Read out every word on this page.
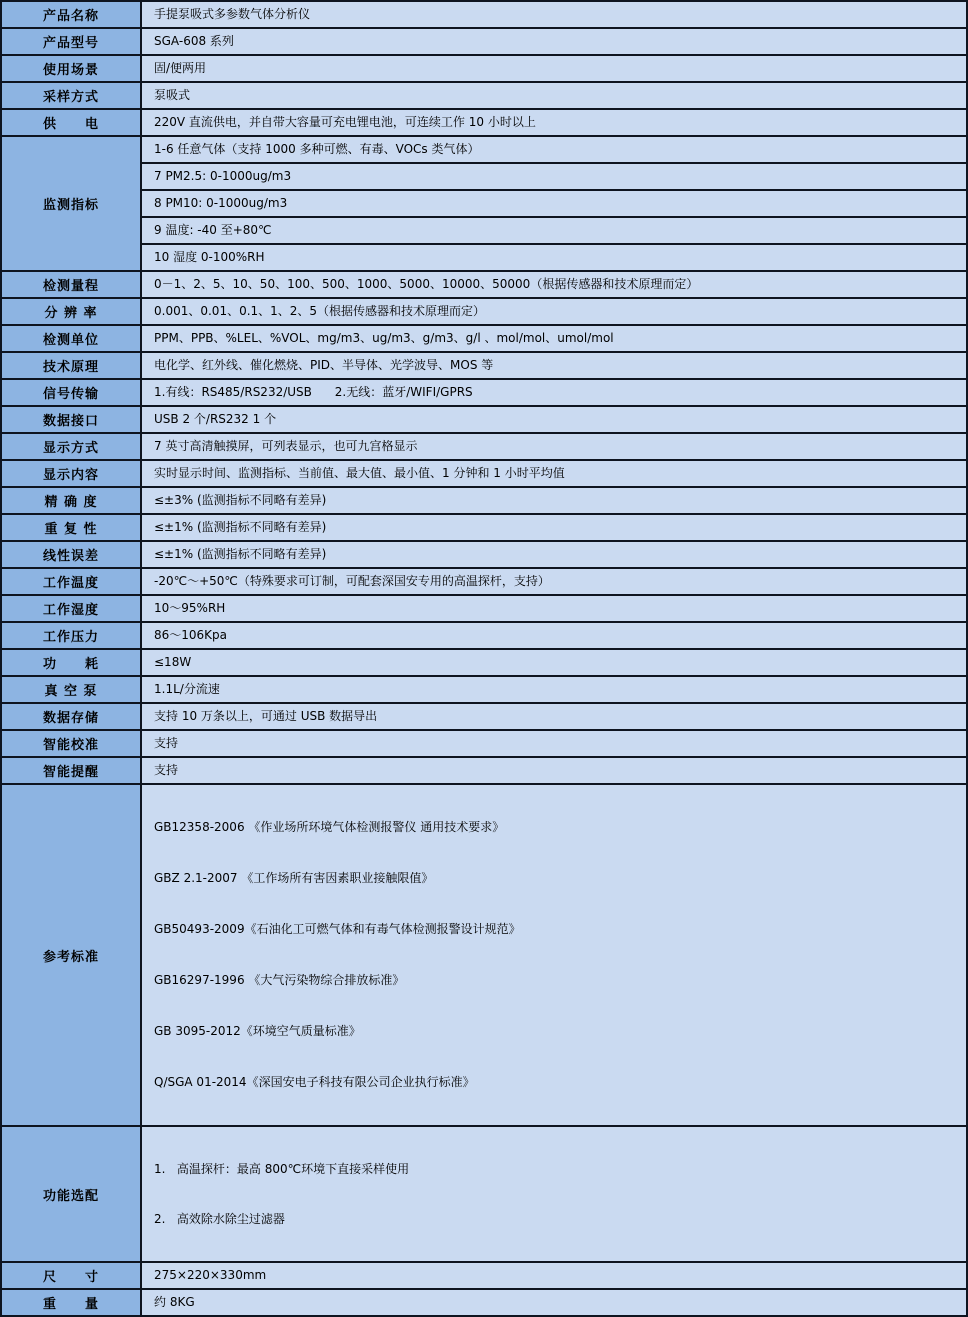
产品名称	手提泵吸式多参数气体分析仪
产品型号	SGA-608 系列
使用场景	固/便两用
采样方式	泵吸式
供　　电	220V 直流供电，并自带大容量可充电锂电池，可连续工作 10 小时以上
监测指标	1-6 任意气体（支持 1000 多种可燃、有毒、VOCs 类气体）
	7 PM2.5: 0-1000ug/m3
	8 PM10: 0-1000ug/m3
	9 温度: -40 至+80℃
	10 湿度 0-100%RH
检测量程	0－1、2、5、10、50、100、500、1000、5000、10000、50000（根据传感器和技术原理而定）
分 辨 率	0.001、0.01、0.1、1、2、5（根据传感器和技术原理而定）
检测单位	PPM、PPB、%LEL、%VOL、mg/m3、ug/m3、g/m3、g/l 、mol/mol、umol/mol
技术原理	电化学、红外线、催化燃烧、PID、半导体、光学波导、MOS 等
信号传输	1.有线：RS485/RS232/USB      2.无线：蓝牙/WIFI/GPRS
数据接口	USB 2 个/RS232 1 个
显示方式	7 英寸高清触摸屏，可列表显示，也可九宫格显示
显示内容	实时显示时间、监测指标、当前值、最大值、最小值、1 分钟和 1 小时平均值
精 确 度	≤±3% (监测指标不同略有差异)
重 复 性	≤±1% (监测指标不同略有差异)
线性误差	≤±1% (监测指标不同略有差异)
工作温度	-20℃～+50℃（特殊要求可订制，可配套深国安专用的高温探杆，支持）
工作湿度	10～95%RH
工作压力	86～106Kpa
功　　耗	≤18W
真 空 泵	1.1L/分流速
数据存储	支持 10 万条以上，可通过 USB 数据导出
智能校准	支持
智能提醒	支持
参考标准	

GB12358-2006 《作业场所环境气体检测报警仪 通用技术要求》

GBZ 2.1-2007 《工作场所有害因素职业接触限值》

GB50493-2009《石油化工可燃气体和有毒气体检测报警设计规范》

GB16297-1996 《大气污染物综合排放标准》

GB 3095-2012《环境空气质量标准》

Q/SGA 01-2014《深国安电子科技有限公司企业执行标准》

功能选配	1.   高温探杆：最高 800℃环境下直接采样使用

2.   高效除水除尘过滤器

尺　　寸	275×220×330mm
重　　量	约 8KG
